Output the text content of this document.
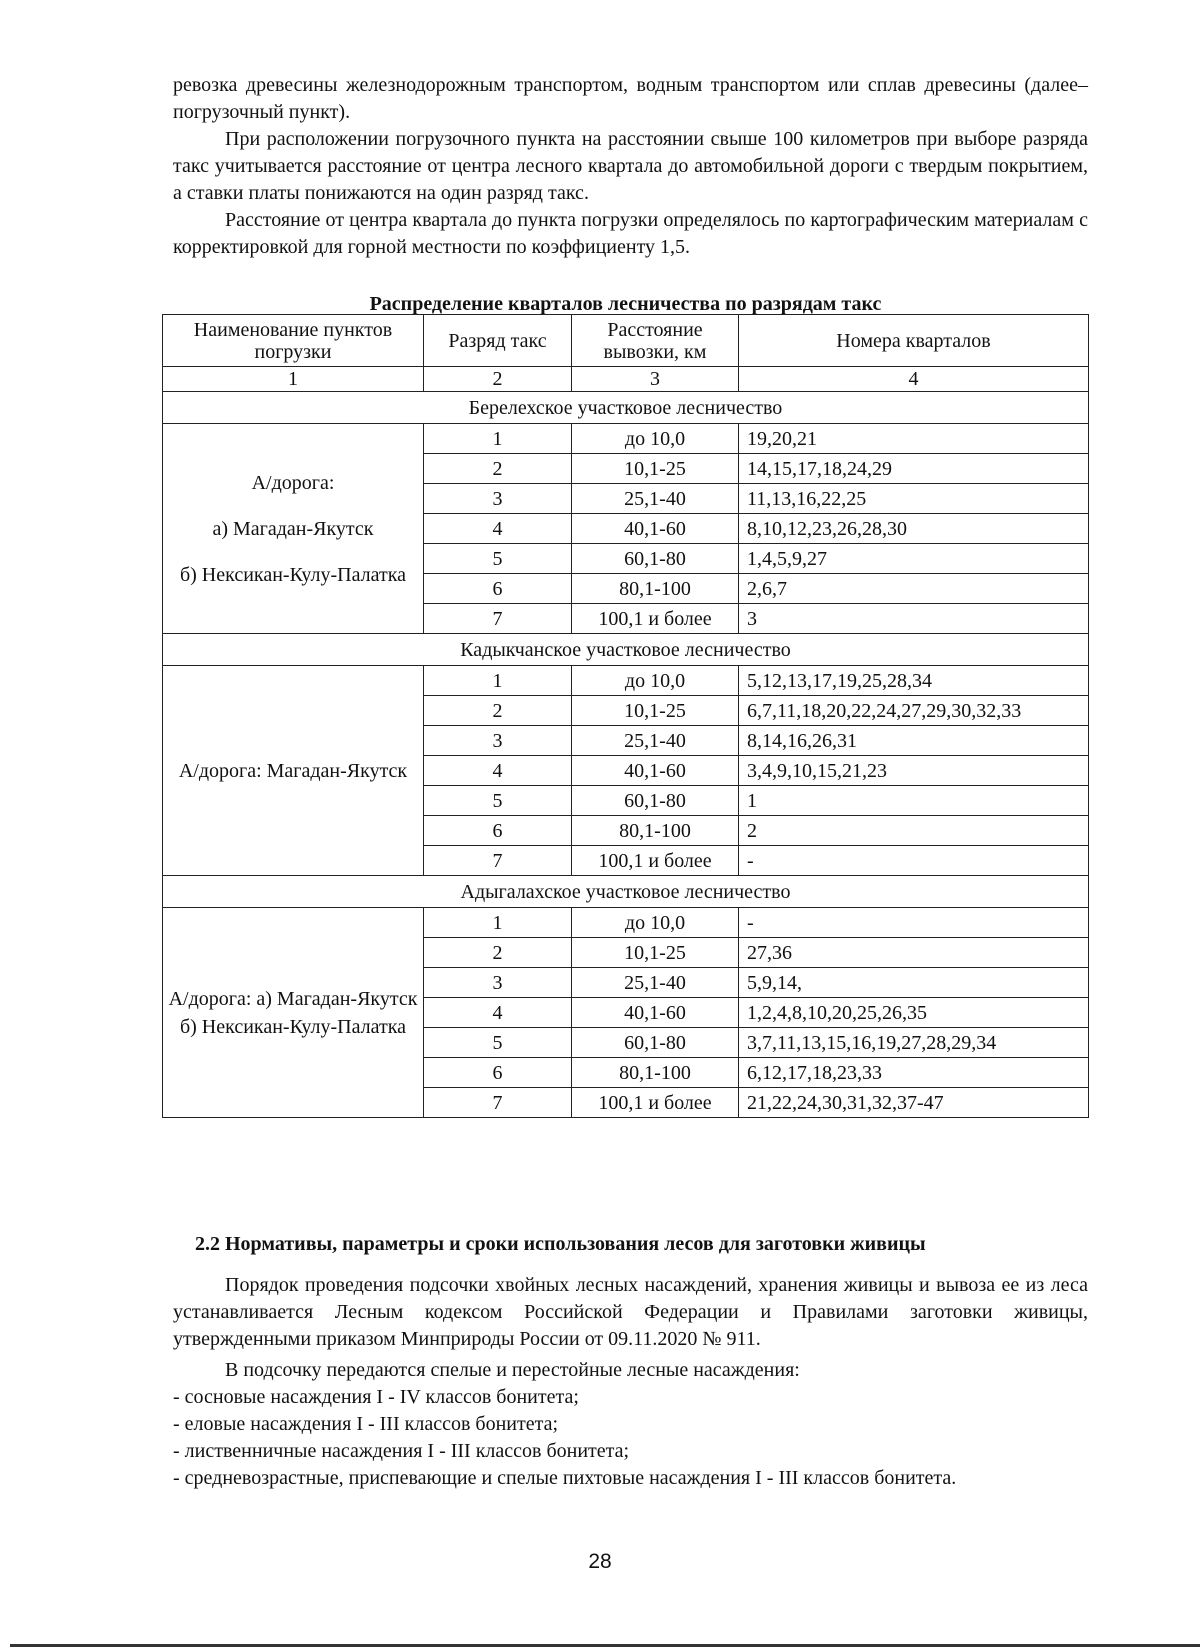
ревозка древесины железнодорожным транспортом, водным транспортом или сплав древесины (далее–погрузочный пункт).

При расположении погрузочного пункта на расстоянии свыше 100 километров при выборе разряда такс учитывается расстояние от центра лесного квартала до автомобильной дороги с твердым покрытием, а ставки платы понижаются на один разряд такс.

Расстояние от центра квартала до пункта погрузки определялось по картографическим материалам с корректировкой для горной местности по коэффициенту 1,5.

Распределение кварталов лесничества по разрядам такс
Наименование пунктов погрузки	Разряд такс	Расстояние вывозки, км	Номера кварталов
1	2	3	4
Берелехское участковое лесничество			

А/дорога:
а) Магадан-Якутск
б) Нексикан-Кулу-Палатка	1	до 10,0	19,20,21
	2	10,1-25	14,15,17,18,24,29
	3	25,1-40	11,13,16,22,25
	4	40,1-60	8,10,12,23,26,28,30
	5	60,1-80	1,4,5,9,27
	6	80,1-100	2,6,7
	7	100,1 и более	3
Кадыкчанское участковое лесничество			

А/дорога: Магадан-Якутск	1	до 10,0	5,12,13,17,19,25,28,34
	2	10,1-25	6,7,11,18,20,22,24,27,29,30,32,33
	3	25,1-40	8,14,16,26,31
	4	40,1-60	3,4,9,10,15,21,23
	5	60,1-80	1
	6	80,1-100	2
	7	100,1 и более	-
Адыгалахское участковое лесничество			

А/дорога: а) Магадан-Якутск
б) Нексикан-Кулу-Палатка	1	до 10,0	-
	2	10,1-25	27,36
	3	25,1-40	5,9,14,
	4	40,1-60	1,2,4,8,10,20,25,26,35
	5	60,1-80	3,7,11,13,15,16,19,27,28,29,34
	6	80,1-100	6,12,17,18,23,33
	7	100,1 и более	21,22,24,30,31,32,37-47
2.2 Нормативы, параметры и сроки использования лесов для заготовки живицы

Порядок проведения подсочки хвойных лесных насаждений, хранения живицы и вывоза ее из леса устанавливается Лесным кодексом Российской Федерации и Правилами заготовки живицы, утвержденными приказом Минприроды России от 09.11.2020 № 911.

В подсочку передаются спелые и перестойные лесные насаждения:

- сосновые насаждения I - IV классов бонитета;

- еловые насаждения I - III классов бонитета;

- лиственничные насаждения I - III классов бонитета;

- средневозрастные, приспевающие и спелые пихтовые насаждения I - III классов бонитета.

28
